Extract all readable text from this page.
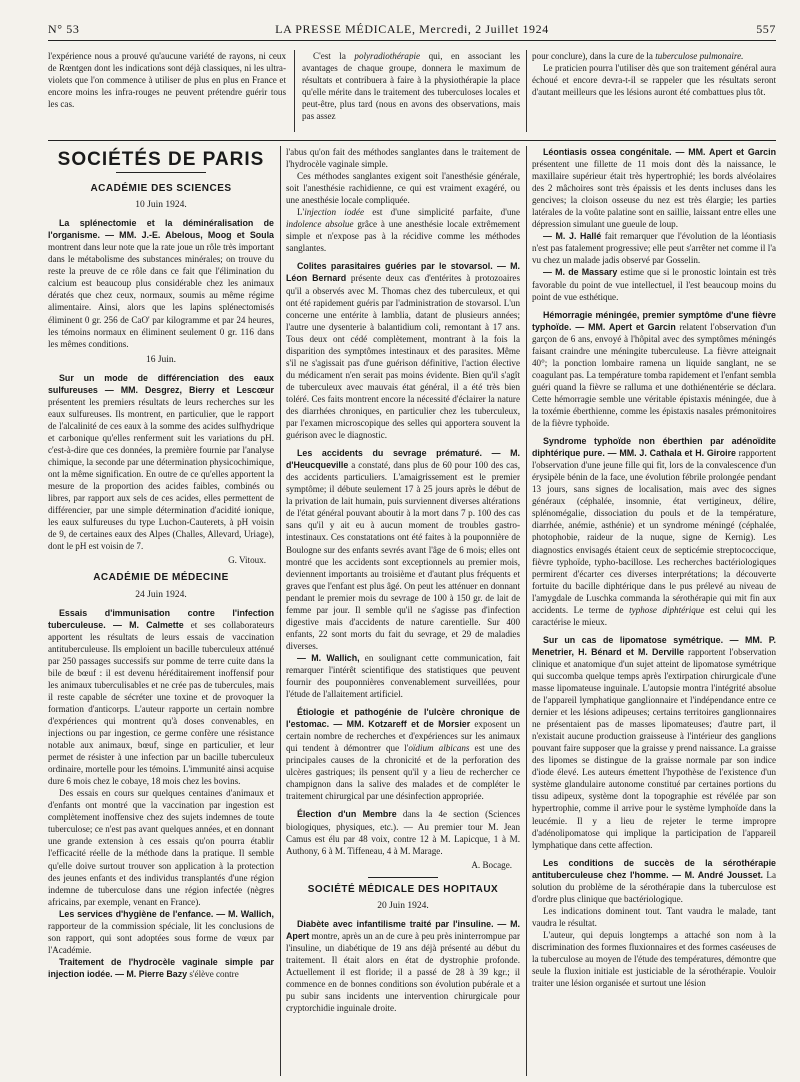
N° 53	LA PRESSE MÉDICALE, Mercredi, 2 Juillet 1924	557

l'expérience nous a prouvé qu'aucune variété de rayons, ni ceux de Rœntgen dont les indications sont déjà classiques, ni les ultra-violets que l'on commence à utiliser de plus en plus en France et encore moins les infra-rouges ne peuvent prétendre guérir tous les cas.

C'est la polyradiothérapie qui, en associant les avantages de chaque groupe, donnera le maximum de résultats et contribuera à faire à la physiothérapie la place qu'elle mérite dans le traitement des tuberculoses locales et peut-être, plus tard (nous en avons des observations, mais pas assez

pour conclure), dans la cure de la tuberculose pulmonaire.

Le praticien pourra l'utiliser dès que son traitement général aura échoué et encore devra-t-il se rappeler que les résultats seront d'autant meilleurs que les lésions auront été combattues plus tôt.

SOCIÉTÉS DE PARIS
ACADÉMIE DES SCIENCES
10 Juin 1924.

La splénectomie et la déminéralisation de l'organisme. — MM. J.-E. Abelous, Moog et Soula montrent dans leur note que la rate joue un rôle très important dans le métabolisme des substances minérales; on trouve du reste la preuve de ce rôle dans ce fait que l'élimination du calcium est beaucoup plus considérable chez les animaux dératés que chez ceux, normaux, soumis au même régime alimentaire. Ainsi, alors que les lapins splénectomisés éliminent 0 gr. 256 de CaO' par kilogramme et par 24 heures, les témoins normaux en éliminent seulement 0 gr. 116 dans les mêmes conditions.

16 Juin.

Sur un mode de différenciation des eaux sulfureuses — MM. Desgrez, Bierry et Lescœur présentent les premiers résultats de leurs recherches sur les eaux sulfureuses. Ils montrent, en particulier, que le rapport de l'alcalinité de ces eaux à la somme des acides sulfhydrique et carbonique qu'elles renferment suit les variations du pH. c'est-à-dire que ces données, la première fournie par l'analyse chimique, la seconde par une détermination physicochimique, ont la même signification. En outre de ce qu'elles apportent la mesure de la proportion des acides faibles, combinés ou libres, par rapport aux sels de ces acides, elles permettent de différencier, par une simple détermination d'acidité ionique, les eaux sulfureuses du type Luchon-Cauterets, à pH voisin de 9, de certaines eaux des Alpes (Challes, Allevard, Uriage), dont le pH est voisin de 7.

G. Vitoux.
ACADÉMIE DE MÉDECINE
24 Juin 1924.

Essais d'immunisation contre l'infection tuberculeuse. — M. Calmette et ses collaborateurs apportent les résultats de leurs essais de vaccination antituberculeuse. Ils emploient un bacille tuberculeux atténué par 250 passages successifs sur pomme de terre cuite dans la bile de bœuf : il est devenu héréditairement inoffensif pour les animaux tuberculisables et ne crée pas de tubercules, mais il reste capable de sécréter une toxine et de provoquer la formation d'anticorps. L'auteur rapporte un certain nombre d'expériences qui montrent qu'à doses convenables, en injections ou par ingestion, ce germe confère une résistance notable aux animaux, bœuf, singe en particulier, et leur permet de résister à une infection par un bacille tuberculeux ordinaire, mortelle pour les témoins. L'immunité ainsi acquise dure 6 mois chez le cobaye, 18 mois chez les bovins.

Des essais en cours sur quelques centaines d'animaux et d'enfants ont montré que la vaccination par ingestion est complètement inoffensive chez des sujets indemnes de toute tuberculose; ce n'est pas avant quelques années, et en donnant une grande extension à ces essais qu'on pourra établir l'efficacité réelle de la méthode dans la pratique. Il semble qu'elle doive surtout trouver son application à la protection des jeunes enfants et des individus transplantés d'une région indemne de tuberculose dans une région infectée (nègres africains, par exemple, venant en France).

Les services d'hygiène de l'enfance. — M. Wallich, rapporteur de la commission spéciale, lit les conclusions de son rapport, qui sont adoptées sous forme de vœux par l'Académie.

Traitement de l'hydrocèle vaginale simple par injection iodée. — M. Pierre Bazy s'élève contre

l'abus qu'on fait des méthodes sanglantes dans le traitement de l'hydrocèle vaginale simple.

Ces méthodes sanglantes exigent soit l'anesthésie générale, soit l'anesthésie rachidienne, ce qui est vraiment exagéré, ou une anesthésie locale compliquée.

L'injection iodée est d'une simplicité parfaite, d'une indolence absolue grâce à une anesthésie locale extrêmement simple et n'expose pas à la récidive comme les méthodes sanglantes.

Colites parasitaires guéries par le stovarsol. — M. Léon Bernard présente deux cas d'entérites à protozoaires qu'il a observés avec M. Thomas chez des tuberculeux, et qui ont été rapidement guéris par l'administration de stovarsol. L'un concerne une entérite à lamblia, datant de plusieurs années; l'autre une dysenterie à balantidium coli, remontant à 17 ans. Tous deux ont cédé complètement, montrant à la fois la disparition des symptômes intestinaux et des parasites. Même s'il ne s'agissait pas d'une guérison définitive, l'action élective du médicament n'en serait pas moins évidente. Bien qu'il s'agît de tuberculeux avec mauvais état général, il a été très bien toléré. Ces faits montrent encore la nécessité d'éclairer la nature des diarrhées chroniques, en particulier chez les tuberculeux, par l'examen microscopique des selles qui apportera souvent la guérison avec le diagnostic.

Les accidents du sevrage prématuré. — M. d'Heucqueville a constaté, dans plus de 60 pour 100 des cas, des accidents particuliers. L'amaigrissement est le premier symptôme; il débute seulement 17 à 25 jours après le début de la privation de lait humain, puis surviennent diverses altérations de l'état général pouvant aboutir à la mort dans 7 p. 100 des cas sans qu'il y ait eu à aucun moment de troubles gastro-intestinaux. Ces constatations ont été faites à la pouponnière de Boulogne sur des enfants sevrés avant l'âge de 6 mois; elles ont montré que les accidents sont exceptionnels au premier mois, deviennent importants au troisième et d'autant plus fréquents et graves que l'enfant est plus âgé. On peut les atténuer en donnant pendant le premier mois du sevrage de 100 à 150 gr. de lait de femme par jour. Il semble qu'il ne s'agisse pas d'infection digestive mais d'accidents de nature carentielle. Sur 400 enfants, 22 sont morts du fait du sevrage, et 29 de maladies diverses.

— M. Wallich, en soulignant cette communication, fait remarquer l'intérêt scientifique des statistiques que peuvent fournir des pouponnières convenablement surveillées, pour l'étude de l'allaitement artificiel.

Étiologie et pathogénie de l'ulcère chronique de l'estomac. — MM. Kotzareff et de Morsier exposent un certain nombre de recherches et d'expériences sur les animaux qui tendent à démontrer que l'oïdium albicans est une des principales causes de la chronicité et de la perforation des ulcères gastriques; ils pensent qu'il y a lieu de rechercher ce champignon dans la salive des malades et de compléter le traitement chirurgical par une désinfection appropriée.

Élection d'un Membre dans la 4e section (Sciences biologiques, physiques, etc.). — Au premier tour M. Jean Camus est élu par 48 voix, contre 12 à M. Lapicque, 1 à M. Authony, 6 à M. Tiffeneau, 4 à M. Marage.

A. Bocage.
SOCIÉTÉ MÉDICALE DES HOPITAUX
20 Juin 1924.

Diabète avec infantilisme traité par l'insuline. — M. Apert montre, après un an de cure à peu près ininterrompue par l'insuline, un diabétique de 19 ans déjà présenté au début du traitement. Il était alors en état de dystrophie profonde. Actuellement il est floride; il a passé de 28 à 39 kgr.; il commence en de bonnes conditions son évolution pubérale et a pu subir sans incidents une intervention chirurgicale pour cryptorchidie inguinale droite.

Léontiasis ossea congénitale. — MM. Apert et Garcin présentent une fillette de 11 mois dont dès la naissance, le maxillaire supérieur était très hypertrophié; les bords alvéolaires des 2 mâchoires sont très épaissis et les dents incluses dans les gencives; la cloison osseuse du nez est très élargie; les parties latérales de la voûte palatine sont en saillie, laissant entre elles une dépression simulant une gueule de loup.

— M. J. Hallé fait remarquer que l'évolution de la léontiasis n'est pas fatalement progressive; elle peut s'arrêter net comme il l'a vu chez un malade jadis observé par Gosselin.

— M. de Massary estime que si le pronostic lointain est très favorable du point de vue intellectuel, il l'est beaucoup moins du point de vue esthétique.

Hémorragie méningée, premier symptôme d'une fièvre typhoïde. — MM. Apert et Garcin relatent l'observation d'un garçon de 6 ans, envoyé à l'hôpital avec des symptômes méningés faisant craindre une méningite tuberculeuse. La fièvre atteignait 40°; la ponction lombaire ramena un liquide sanglant, ne se coagulant pas. La température tomba rapidement et l'enfant sembla guéri quand la fièvre se ralluma et une dothiénentérie se déclara. Cette hémorragie semble une véritable épistaxis méningée, due à la toxémie éberthienne, comme les épistaxis nasales prémonitoires de la fièvre typhoïde.

Syndrome typhoïde non éberthien par adénoïdite diphtérique pure. — MM. J. Cathala et H. Giroire rapportent l'observation d'une jeune fille qui fit, lors de la convalescence d'un érysipèle bénin de la face, une évolution fébrile prolongée pendant 13 jours, sans signes de localisation, mais avec des signes généraux (céphalée, insomnie, état vertigineux, délire, splénomégalie, dissociation du pouls et de la température, diarrhée, anémie, asthénie) et un syndrome méningé (céphalée, photophobie, raideur de la nuque, signe de Kernig). Les diagnostics envisagés étaient ceux de septicémie streptococcique, fièvre typhoïde, typho-bacillose. Les recherches bactériologiques permirent d'écarter ces diverses interprétations; la découverte fortuite du bacille diphtérique dans le pus prélevé au niveau de l'amygdale de Luschka commanda la sérothérapie qui mit fin aux accidents. Le terme de typhose diphtérique est celui qui les caractérise le mieux.

Sur un cas de lipomatose symétrique. — MM. P. Menetrier, H. Bénard et M. Derville rapportent l'observation clinique et anatomique d'un sujet atteint de lipomatose symétrique qui succomba quelque temps après l'extirpation chirurgicale d'une masse lipomateuse inguinale. L'autopsie montra l'intégrité absolue de l'appareil lymphatique ganglionnaire et l'indépendance entre ce dernier et les lésions adipeuses; certains territoires ganglionnaires ne présentaient pas de masses lipomateuses; d'autre part, il n'existait aucune production graisseuse à l'intérieur des ganglions pouvant faire supposer que la graisse y prend naissance. La graisse des lipomes se distingue de la graisse normale par son indice d'iode élevé. Les auteurs émettent l'hypothèse de l'existence d'un système glandulaire autonome constitué par certaines portions du tissu adipeux, système dont la topographie est révélée par son hypertrophie, comme il arrive pour le système lymphoïde dans la leucémie. Il y a lieu de rejeter le terme impropre d'adénolipomatose qui implique la participation de l'appareil lymphatique dans cette affection.

Les conditions de succès de la sérothérapie antituberculeuse chez l'homme. — M. André Jousset. La solution du problème de la sérothérapie dans la tuberculose est d'ordre plus clinique que bactériologique.

Les indications dominent tout. Tant vaudra le malade, tant vaudra le résultat.

L'auteur, qui depuis longtemps a attaché son nom à la discrimination des formes fluxionnaires et des formes caséeuses de la tuberculose au moyen de l'étude des températures, démontre que seule la fluxion initiale est justiciable de la sérothérapie. Vouloir traiter une lésion organisée et surtout une lésion
